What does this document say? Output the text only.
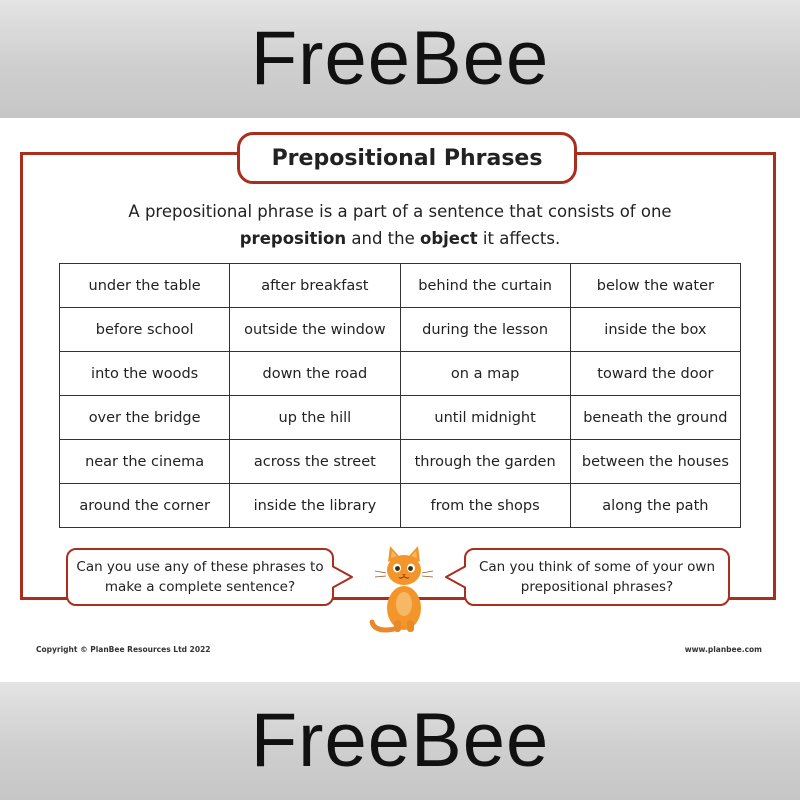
FreeBee
Prepositional Phrases
A prepositional phrase is a part of a sentence that consists of one
preposition and the object it affects.
under the table	after breakfast	behind the curtain	below the water
before school	outside the window	during the lesson	inside the box
into the woods	down the road	on a map	toward the door
over the bridge	up the hill	until midnight	beneath the ground
near the cinema	across the street	through the garden	between the houses
around the corner	inside the library	from the shops	along the path
Can you use any of these phrases to
make a complete sentence?
Can you think of some of your own
prepositional phrases?
Copyright © PlanBee Resources Ltd 2022	www.planbee.com
FreeBee
